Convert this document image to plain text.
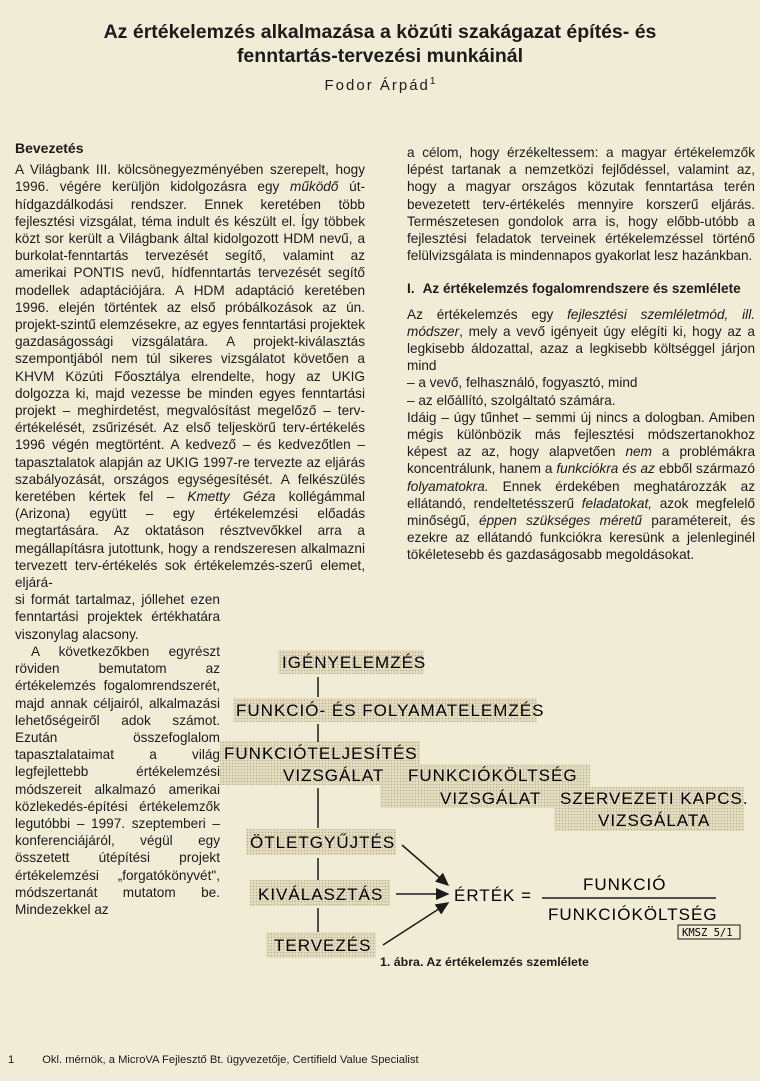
Az értékelemzés alkalmazása a közúti szakágazat építés- és
fenntartás-tervezési munkáinál
Fodor Árpád$^1$
Bevezetés

A Világbank III. kölcsönegyezményében szerepelt, hogy 1996. végére kerüljön kidolgozásra egy működő út-hídgazdálkodási rendszer. Ennek keretében több fejlesztési vizsgálat, téma indult és készült el. Így többek közt sor került a Világbank által kidolgozott HDM nevű, a burkolat-fenntartás tervezését segítő, valamint az amerikai PONTIS nevű, hídfenntartás tervezését segítő modellek adaptációjára. A HDM adaptáció keretében 1996. elején történtek az első próbálkozások az ún. projekt-szintű elemzésekre, az egyes fenntartási projektek gazdaságossági vizsgálatára. A projekt-kiválasztás szempontjából nem túl sikeres vizsgálatot követően a KHVM Közúti Főosztálya elrendelte, hogy az UKIG dolgozza ki, majd vezesse be minden egyes fenntartási projekt – meghirdetést, megvalósítást megelőző – terv-értékelését, zsűrizését. Az első teljeskörű terv-értékelés 1996 végén megtörtént. A kedvező – és kedvezőtlen – tapasztalatok alapján az UKIG 1997-re tervezte az eljárás szabályozását, országos egységesítését. A felkészülés keretében kértek fel – Kmetty Géza kollégámmal (Arizona) együtt – egy értékelemzési előadás megtartására. Az oktatáson résztvevőkkel arra a megállapításra jutottunk, hogy a rendszeresen alkalmazni tervezett terv-értékelés sok értékelemzés-szerű elemet, eljárá-

si formát tartalmaz, jóllehet ezen fenntartási projektek értékhatára viszonylag alacsony.

A következőkben egyrészt röviden bemutatom az értékelemzés fogalomrendszerét, majd annak céljairól, alkalmazási lehetőségeiről adok számot. Ezután összefoglalom tapasztalataimat a világ legfejlettebb értékelemzési módszereit alkalmazó amerikai közlekedés-építési értékelemzők legutóbbi – 1997. szeptemberi – konferenciájáról, végül egy összetett útépítési projekt értékelemzési „forgatókönyvét", módszertanát mutatom be. Mindezekkel az

a célom, hogy érzékeltessem: a magyar értékelemzők lépést tartanak a nemzetközi fejlődéssel, valamint az, hogy a magyar országos közutak fenntartása terén bevezetett terv-értékelés mennyire korszerű eljárás. Természetesen gondolok arra is, hogy előbb-utóbb a fejlesztési feladatok terveinek értékelemzéssel történő felülvizsgálata is mindennapos gyakorlat lesz hazánkban.

I. Az értékelemzés fogalomrendszere és szemlélete

Az értékelemzés egy fejlesztési szemléletmód, ill. módszer, mely a vevő igényeit úgy elégíti ki, hogy az a legkisebb áldozattal, azaz a legkisebb költséggel járjon mind

– a vevő, felhasználó, fogyasztó, mind

– az előállító, szolgáltató számára.

Idáig – úgy tűnhet – semmi új nincs a dologban. Amiben mégis különbözik más fejlesztési módszertanokhoz képest az az, hogy alapvetően nem a problémákra koncentrálunk, hanem a funkciókra és az ebből származó folyamatokra. Ennek érdekében meghatározzák az ellátandó, rendeltetésszerű feladatokat, azok megfelelő minőségű, éppen szükséges méretű paramétereit, és ezekre az ellátandó funkciókra keresünk a jelenleginél tökéletesebb és gazdaságosabb megoldásokat.

IGÉNYELEMZÉS
FUNKCIÓ- ÉS FOLYAMATELEMZÉS
FUNKCIÓTELJESÍTÉS
VIZSGÁLAT FUNKCIÓKÖLTSÉG
VIZSGÁLAT SZERVEZETI KAPCS.
VIZSGÁLATA
ÖTLETGYŰJTÉS
KIVÁLASZTÁS
TERVEZÉS
ÉRTÉK =
FUNKCIÓ
FUNKCIÓKÖLTSÉG
KMSZ 5/1
1. ábra. Az értékelemzés szemlélete
1	Okl. mérnök, a MicroVA Fejlesztő Bt. ügyvezetője, Certifield Value Specialist
